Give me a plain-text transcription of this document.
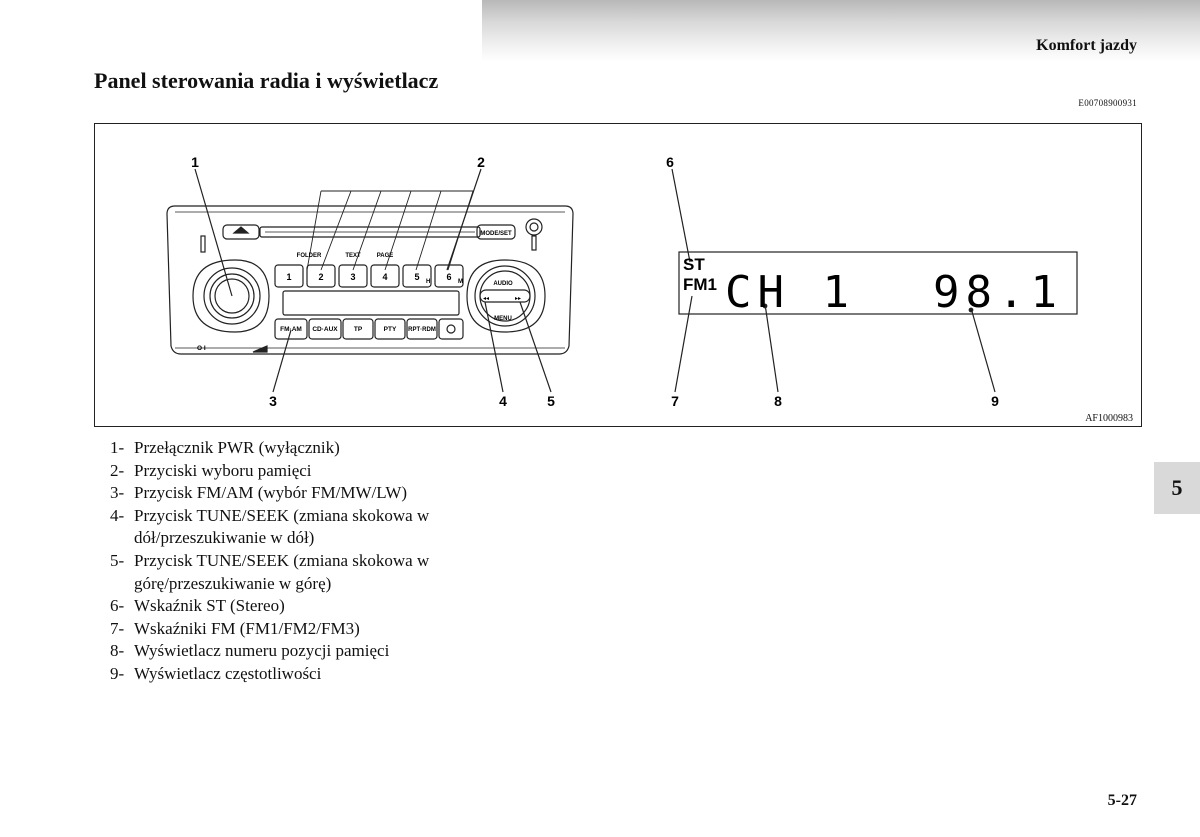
Komfort jazdy
Panel sterowania radia i wyświetlacz
E00708900931
1	2	3	4	5	6
H	M
FM·AM CD·AUX TP	PTY RPT·RDM
FOLDER	TEXT	PAGE
MODE/SET
AUDIO
MENU
◂◂	▸▸
O I
ST
FM1 CH 1 98.1
1	2
3	4	5
6
7	8	9
AF1000983
1- Przełącznik PWR (wyłącznik)
2- Przyciski wyboru pamięci
3- Przycisk FM/AM (wybór FM/MW/LW)
4- Przycisk TUNE/SEEK (zmiana skokowa w dół/przeszukiwanie w dół)
5- Przycisk TUNE/SEEK (zmiana skokowa w górę/przeszukiwanie w górę)
6- Wskaźnik ST (Stereo)
7- Wskaźniki FM (FM1/FM2/FM3)
8- Wyświetlacz numeru pozycji pamięci
9- Wyświetlacz częstotliwości
5
5-27
